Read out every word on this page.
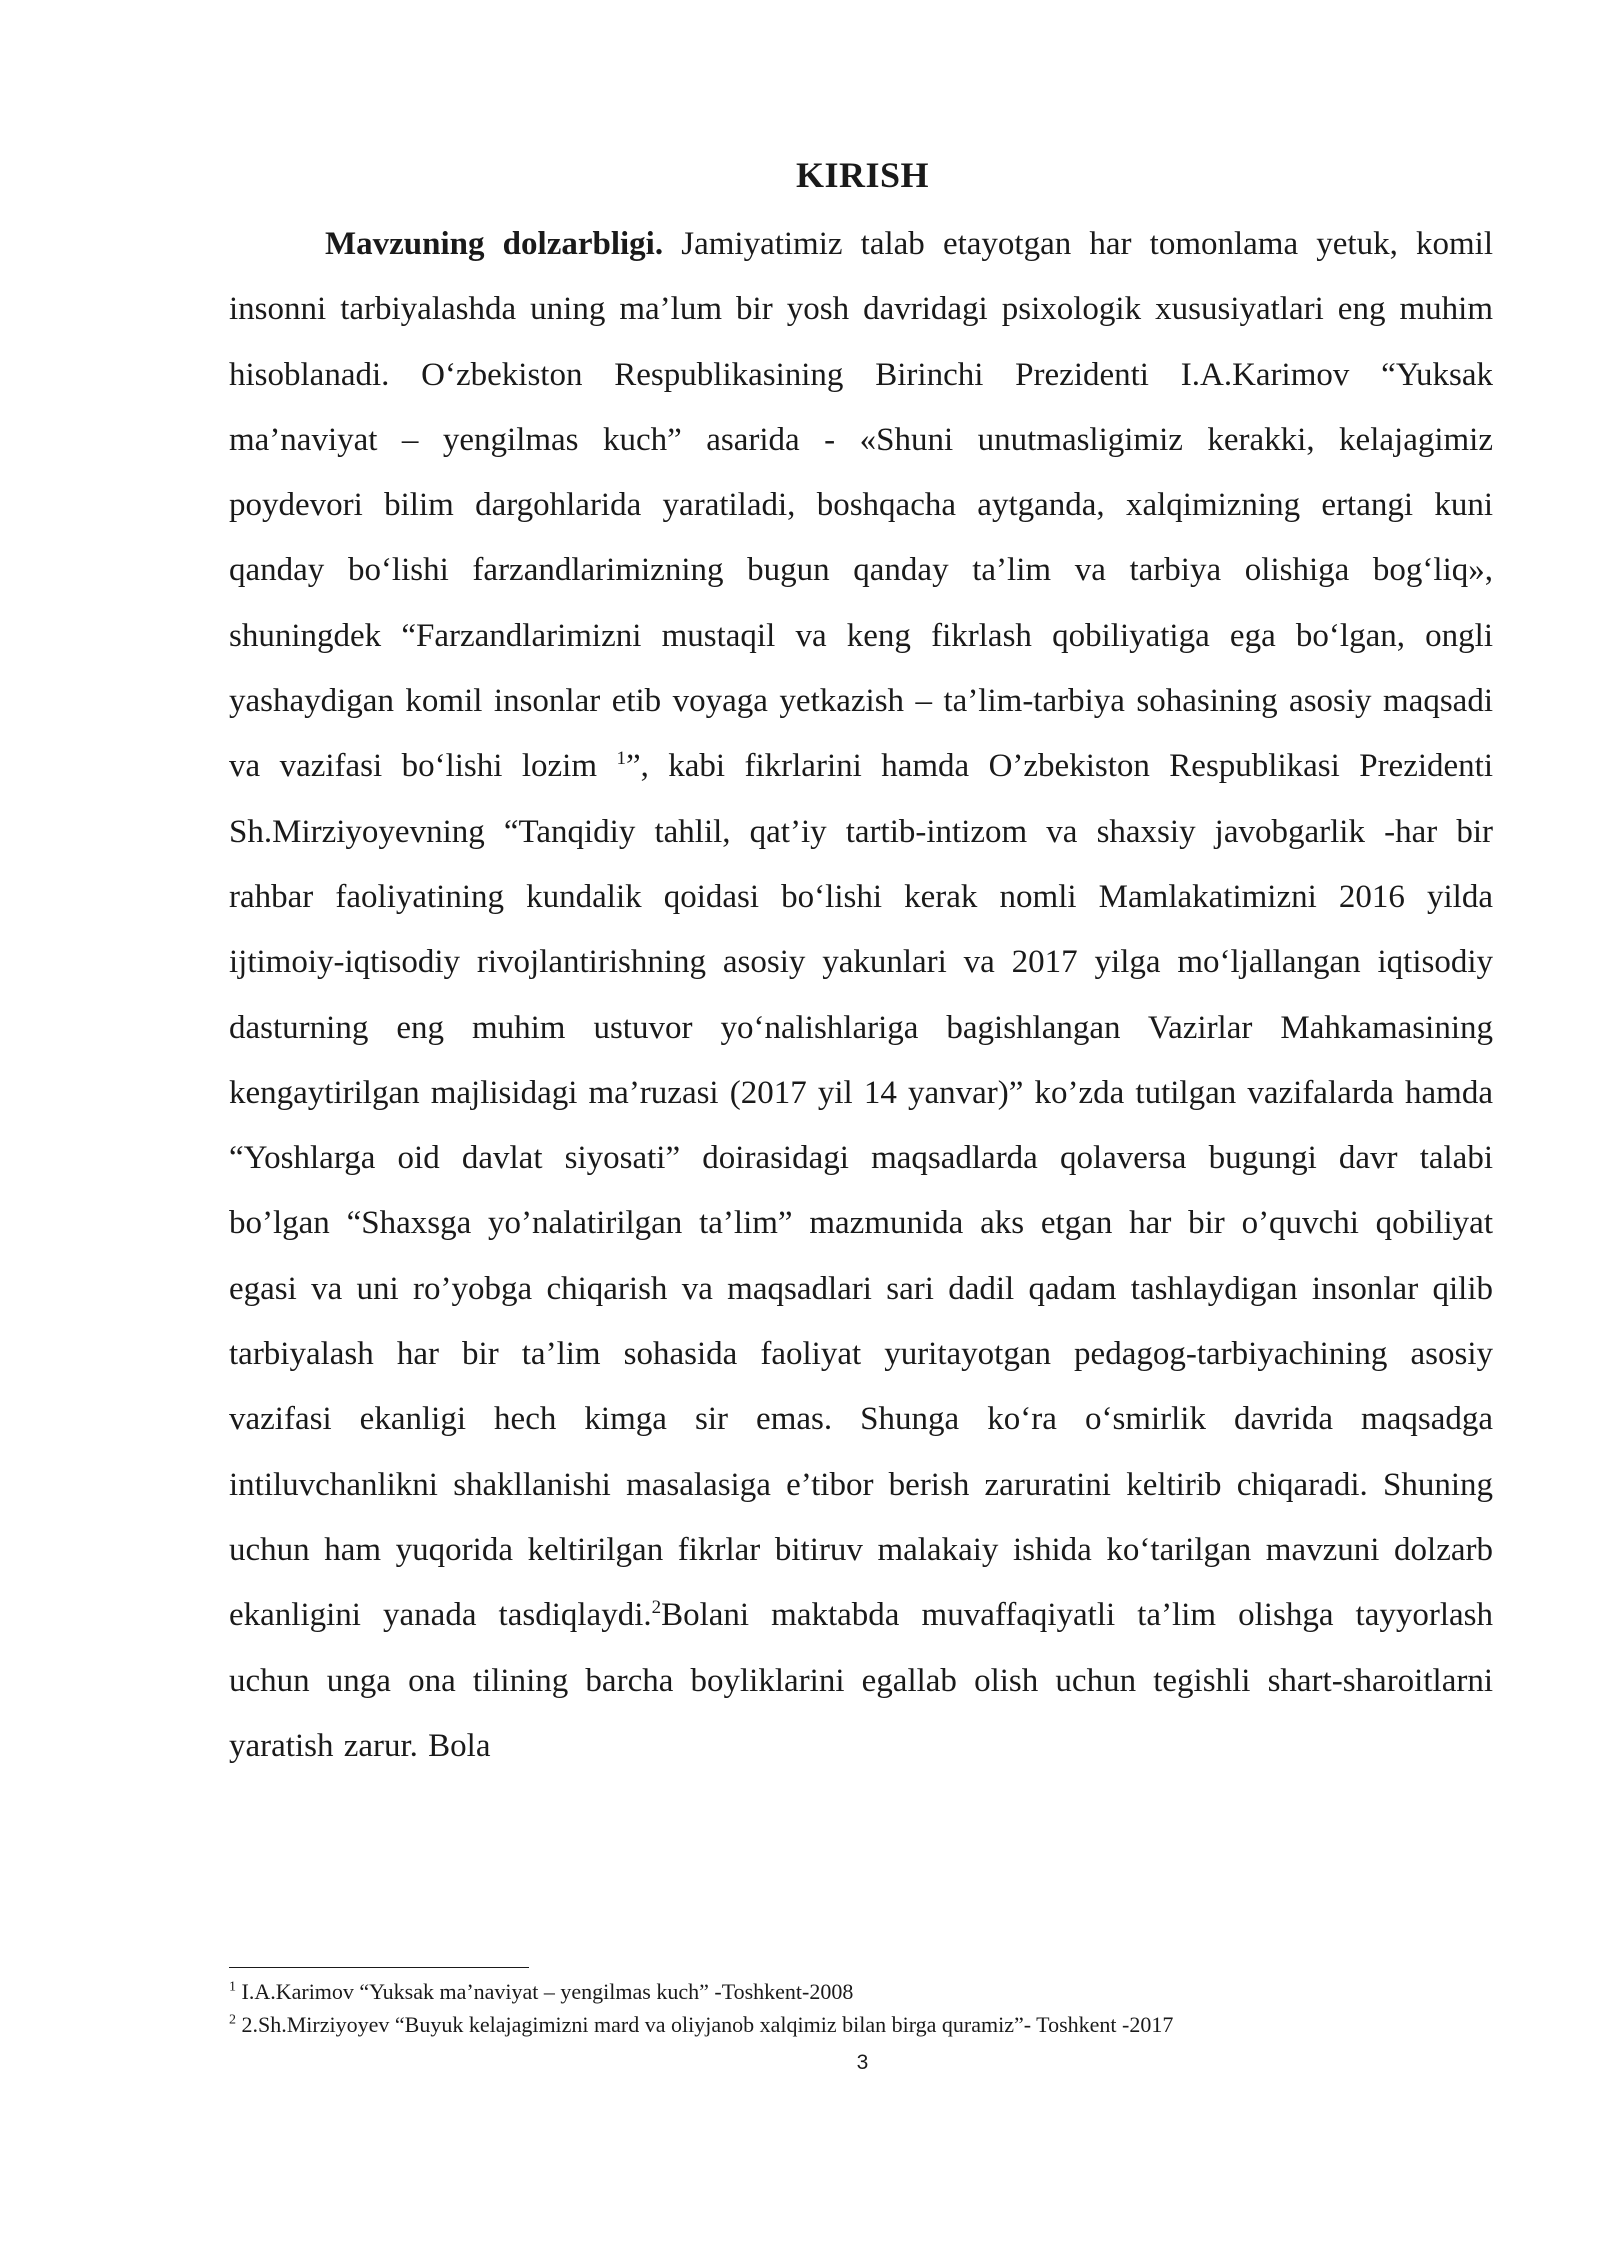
KIRISH

Mavzuning dolzarbligi. Jamiyatimiz talab etayotgan har tomonlama yetuk, komil insonni tarbiyalashda uning ma’lum bir yosh davridagi psixologik xususiyatlari eng muhim hisoblanadi. O‘zbekiston Respublikasining Birinchi Prezidenti I.A.Karimov “Yuksak ma’naviyat – yengilmas kuch” asarida - «Shuni unutmasligimiz kerakki, kelajagimiz poydevori bilim dargohlarida yaratiladi, boshqacha aytganda, xalqimizning ertangi kuni qanday bo‘lishi farzandlarimizning bugun qanday ta’lim va tarbiya olishiga bog‘liq», shuningdek “Farzandlarimizni mustaqil va keng fikrlash qobiliyatiga ega bo‘lgan, ongli yashaydigan komil insonlar etib voyaga yetkazish – ta’lim-tarbiya sohasining asosiy maqsadi va vazifasi bo‘lishi lozim $^1$”, kabi fikrlarini hamda O’zbekiston Respublikasi Prezidenti Sh.Mirziyoyevning “Tanqidiy tahlil, qat’iy tartib-intizom va shaxsiy javobgarlik -har bir rahbar faoliyatining kundalik qoidasi bo‘lishi kerak nomli Mamlakatimizni 2016 yilda ijtimoiy-iqtisodiy rivojlantirishning asosiy yakunlari va 2017 yilga mo‘ljallangan iqtisodiy dasturning eng muhim ustuvor yo‘nalishlariga bagishlangan Vazirlar Mahkamasining kengaytirilgan majlisidagi ma’ruzasi (2017 yil 14 yanvar)” ko’zda tutilgan vazifalarda hamda “Yoshlarga oid davlat siyosati” doirasidagi maqsadlarda qolaversa bugungi davr talabi bo’lgan “Shaxsga yo’nalatirilgan ta’lim” mazmunida aks etgan har bir o’quvchi qobiliyat egasi va uni ro’yobga chiqarish va maqsadlari sari dadil qadam tashlaydigan insonlar qilib tarbiyalash har bir ta’lim sohasida faoliyat yuritayotgan pedagog-tarbiyachining asosiy vazifasi ekanligi hech kimga sir emas. Shunga ko‘ra o‘smirlik davrida maqsadga intiluvchanlikni shakllanishi masalasiga e’tibor berish zaruratini keltirib chiqaradi. Shuning uchun ham yuqorida keltirilgan fikrlar bitiruv malakaiy ishida ko‘tarilgan mavzuni dolzarb ekanligini yanada tasdiqlaydi.$^2$Bolani maktabda muvaffaqiyatli ta’lim olishga tayyorlash uchun unga ona tilining barcha boyliklarini egallab olish uchun tegishli shart-sharoitlarni yaratish zarur. Bola

$^1$ I.A.Karimov “Yuksak ma’naviyat – yengilmas kuch” -Toshkent-2008

$^2$ 2.Sh.Mirziyoyev “Buyuk kelajagimizni mard va oliyjanob xalqimiz bilan birga quramiz”- Toshkent -2017

3
